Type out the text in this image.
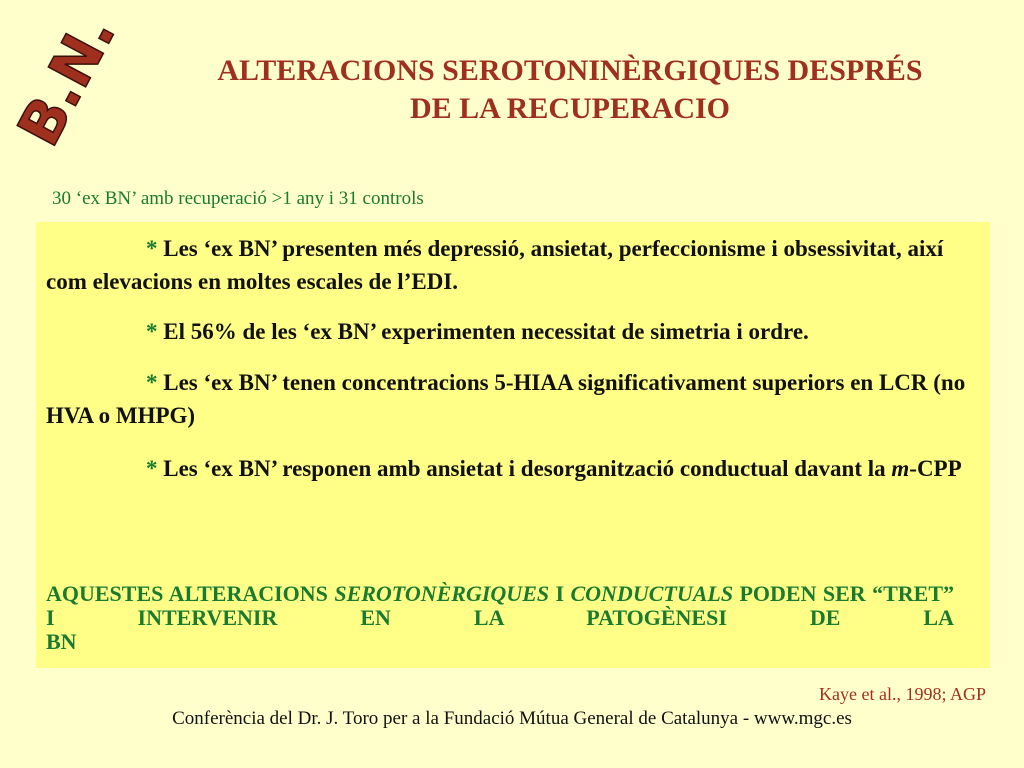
B.N.	ALTERACIONS SEROTONINÈRGIQUES DESPRÉS
DE LA RECUPERACIO

30 ‘ex BN’ amb recuperació >1 any i 31 controls

* Les ‘ex BN’ presenten més depressió, ansietat, perfeccionisme i obsessivitat, així com elevacions en moltes escales de l’EDI.
* El 56% de les ‘ex BN’ experimenten necessitat de simetria i ordre.
* Les ‘ex BN’ tenen concentracions 5-HIAA significativament superiors en LCR (no HVA o MHPG)
* Les ‘ex BN’ responen amb ansietat i desorganització conductual davant la m-CPP
AQUESTES ALTERACIONS SEROTONÈRGIQUES I CONDUCTUALS PODEN SER “TRET” I INTERVENIR EN LA PATOGÈNESI DE LA
BN

Kaye et al., 1998; AGP

Conferència del Dr. J. Toro per a la Fundació Mútua General de Catalunya - www.mgc.es
